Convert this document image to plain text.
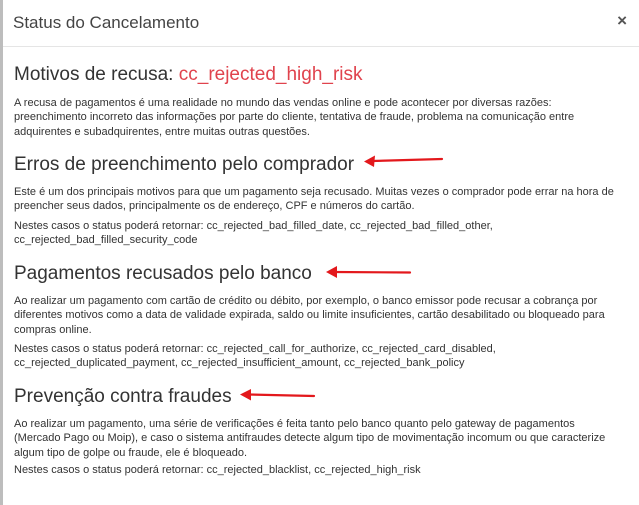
Status do Cancelamento	×
Motivos de recusa: cc_rejected_high_risk

A recusa de pagamentos é uma realidade no mundo das vendas online e pode acontecer por diversas razões: preenchimento incorreto das informações por parte do cliente, tentativa de fraude, problema na comunicação entre adquirentes e subadquirentes, entre muitas outras questões.

Erros de preenchimento pelo comprador

Este é um dos principais motivos para que um pagamento seja recusado. Muitas vezes o comprador pode errar na hora de preencher seus dados, principalmente os de endereço, CPF e números do cartão.

Nestes casos o status poderá retornar: cc_rejected_bad_filled_date, cc_rejected_bad_filled_other, cc_rejected_bad_filled_security_code

Pagamentos recusados pelo banco

Ao realizar um pagamento com cartão de crédito ou débito, por exemplo, o banco emissor pode recusar a cobrança por diferentes motivos como a data de validade expirada, saldo ou limite insuficientes, cartão desabilitado ou bloqueado para compras online.

Nestes casos o status poderá retornar: cc_rejected_call_for_authorize, cc_rejected_card_disabled, cc_rejected_duplicated_payment, cc_rejected_insufficient_amount, cc_rejected_bank_policy

Prevenção contra fraudes

Ao realizar um pagamento, uma série de verificações é feita tanto pelo banco quanto pelo gateway de pagamentos (Mercado Pago ou Moip), e caso o sistema antifraudes detecte algum tipo de movimentação incomum ou que caracterize algum tipo de golpe ou fraude, ele é bloqueado.

Nestes casos o status poderá retornar: cc_rejected_blacklist, cc_rejected_high_risk
